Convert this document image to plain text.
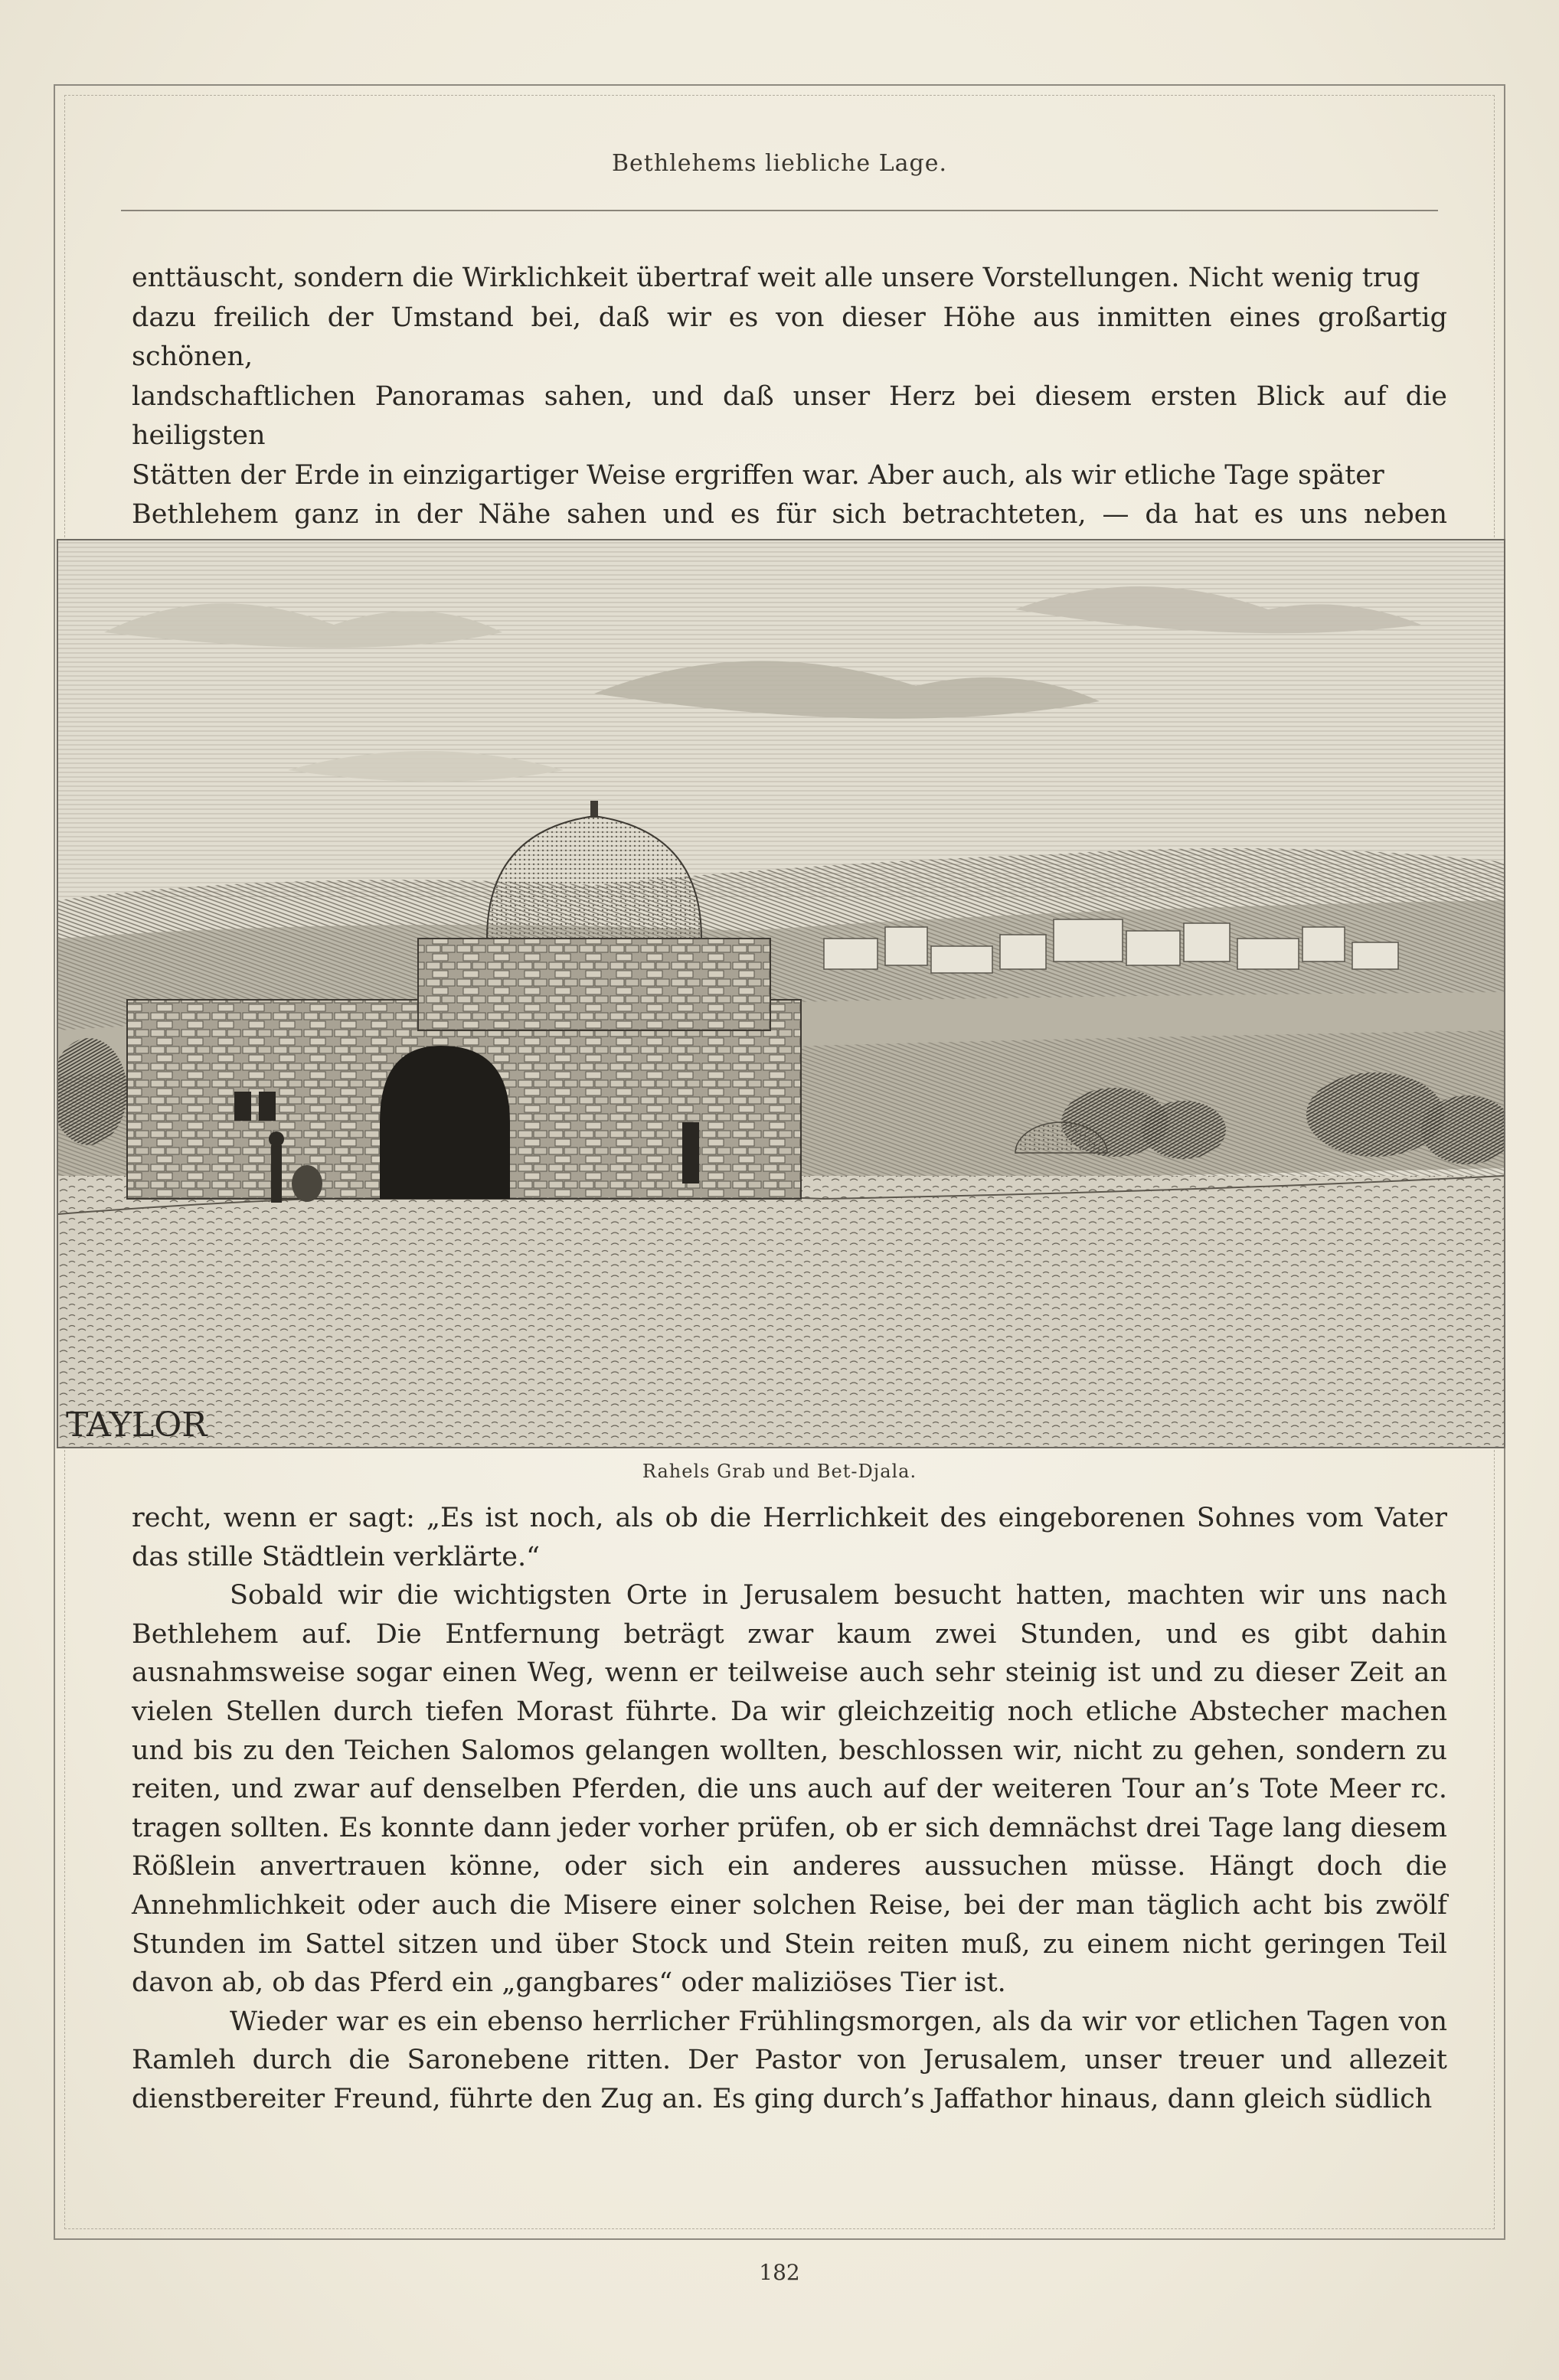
Bethlehems liebliche Lage.
enttäuscht, sondern die Wirklichkeit übertraf weit alle unsere Vorstellungen. Nicht wenig trug
dazu freilich der Umstand bei, daß wir es von dieser Höhe aus inmitten eines großartig schönen,
landschaftlichen Panoramas sahen, und daß unser Herz bei diesem ersten Blick auf die heiligsten
Stätten der Erde in einzigartiger Weise ergriffen war. Aber auch, als wir etliche Tage später
Bethlehem ganz in der Nähe sahen und es für sich betrachteten, — da hat es uns neben
TAYLOR
Rahels Grab und Bet-Djala.

recht, wenn er sagt: „Es ist noch, als ob die Herrlichkeit des eingeborenen Sohnes vom Vater das stille Städtlein verklärte.“

Sobald wir die wichtigsten Orte in Jerusalem besucht hatten, machten wir uns nach Bethlehem auf. Die Entfernung beträgt zwar kaum zwei Stunden, und es gibt dahin ausnahmsweise sogar einen Weg, wenn er teilweise auch sehr steinig ist und zu dieser Zeit an vielen Stellen durch tiefen Morast führte. Da wir gleichzeitig noch etliche Abstecher machen und bis zu den Teichen Salomos gelangen wollten, beschlossen wir, nicht zu gehen, sondern zu reiten, und zwar auf denselben Pferden, die uns auch auf der weiteren Tour an’s Tote Meer rc. tragen sollten. Es konnte dann jeder vorher prüfen, ob er sich demnächst drei Tage lang diesem Rößlein anvertrauen könne, oder sich ein anderes aussuchen müsse. Hängt doch die Annehmlichkeit oder auch die Misere einer solchen Reise, bei der man täglich acht bis zwölf Stunden im Sattel sitzen und über Stock und Stein reiten muß, zu einem nicht geringen Teil davon ab, ob das Pferd ein „gangbares“ oder maliziöses Tier ist.

Wieder war es ein ebenso herrlicher Frühlingsmorgen, als da wir vor etlichen Tagen von Ramleh durch die Saronebene ritten. Der Pastor von Jerusalem, unser treuer und allezeit dienstbereiter Freund, führte den Zug an. Es ging durch’s Jaffathor hinaus, dann gleich südlich

182
